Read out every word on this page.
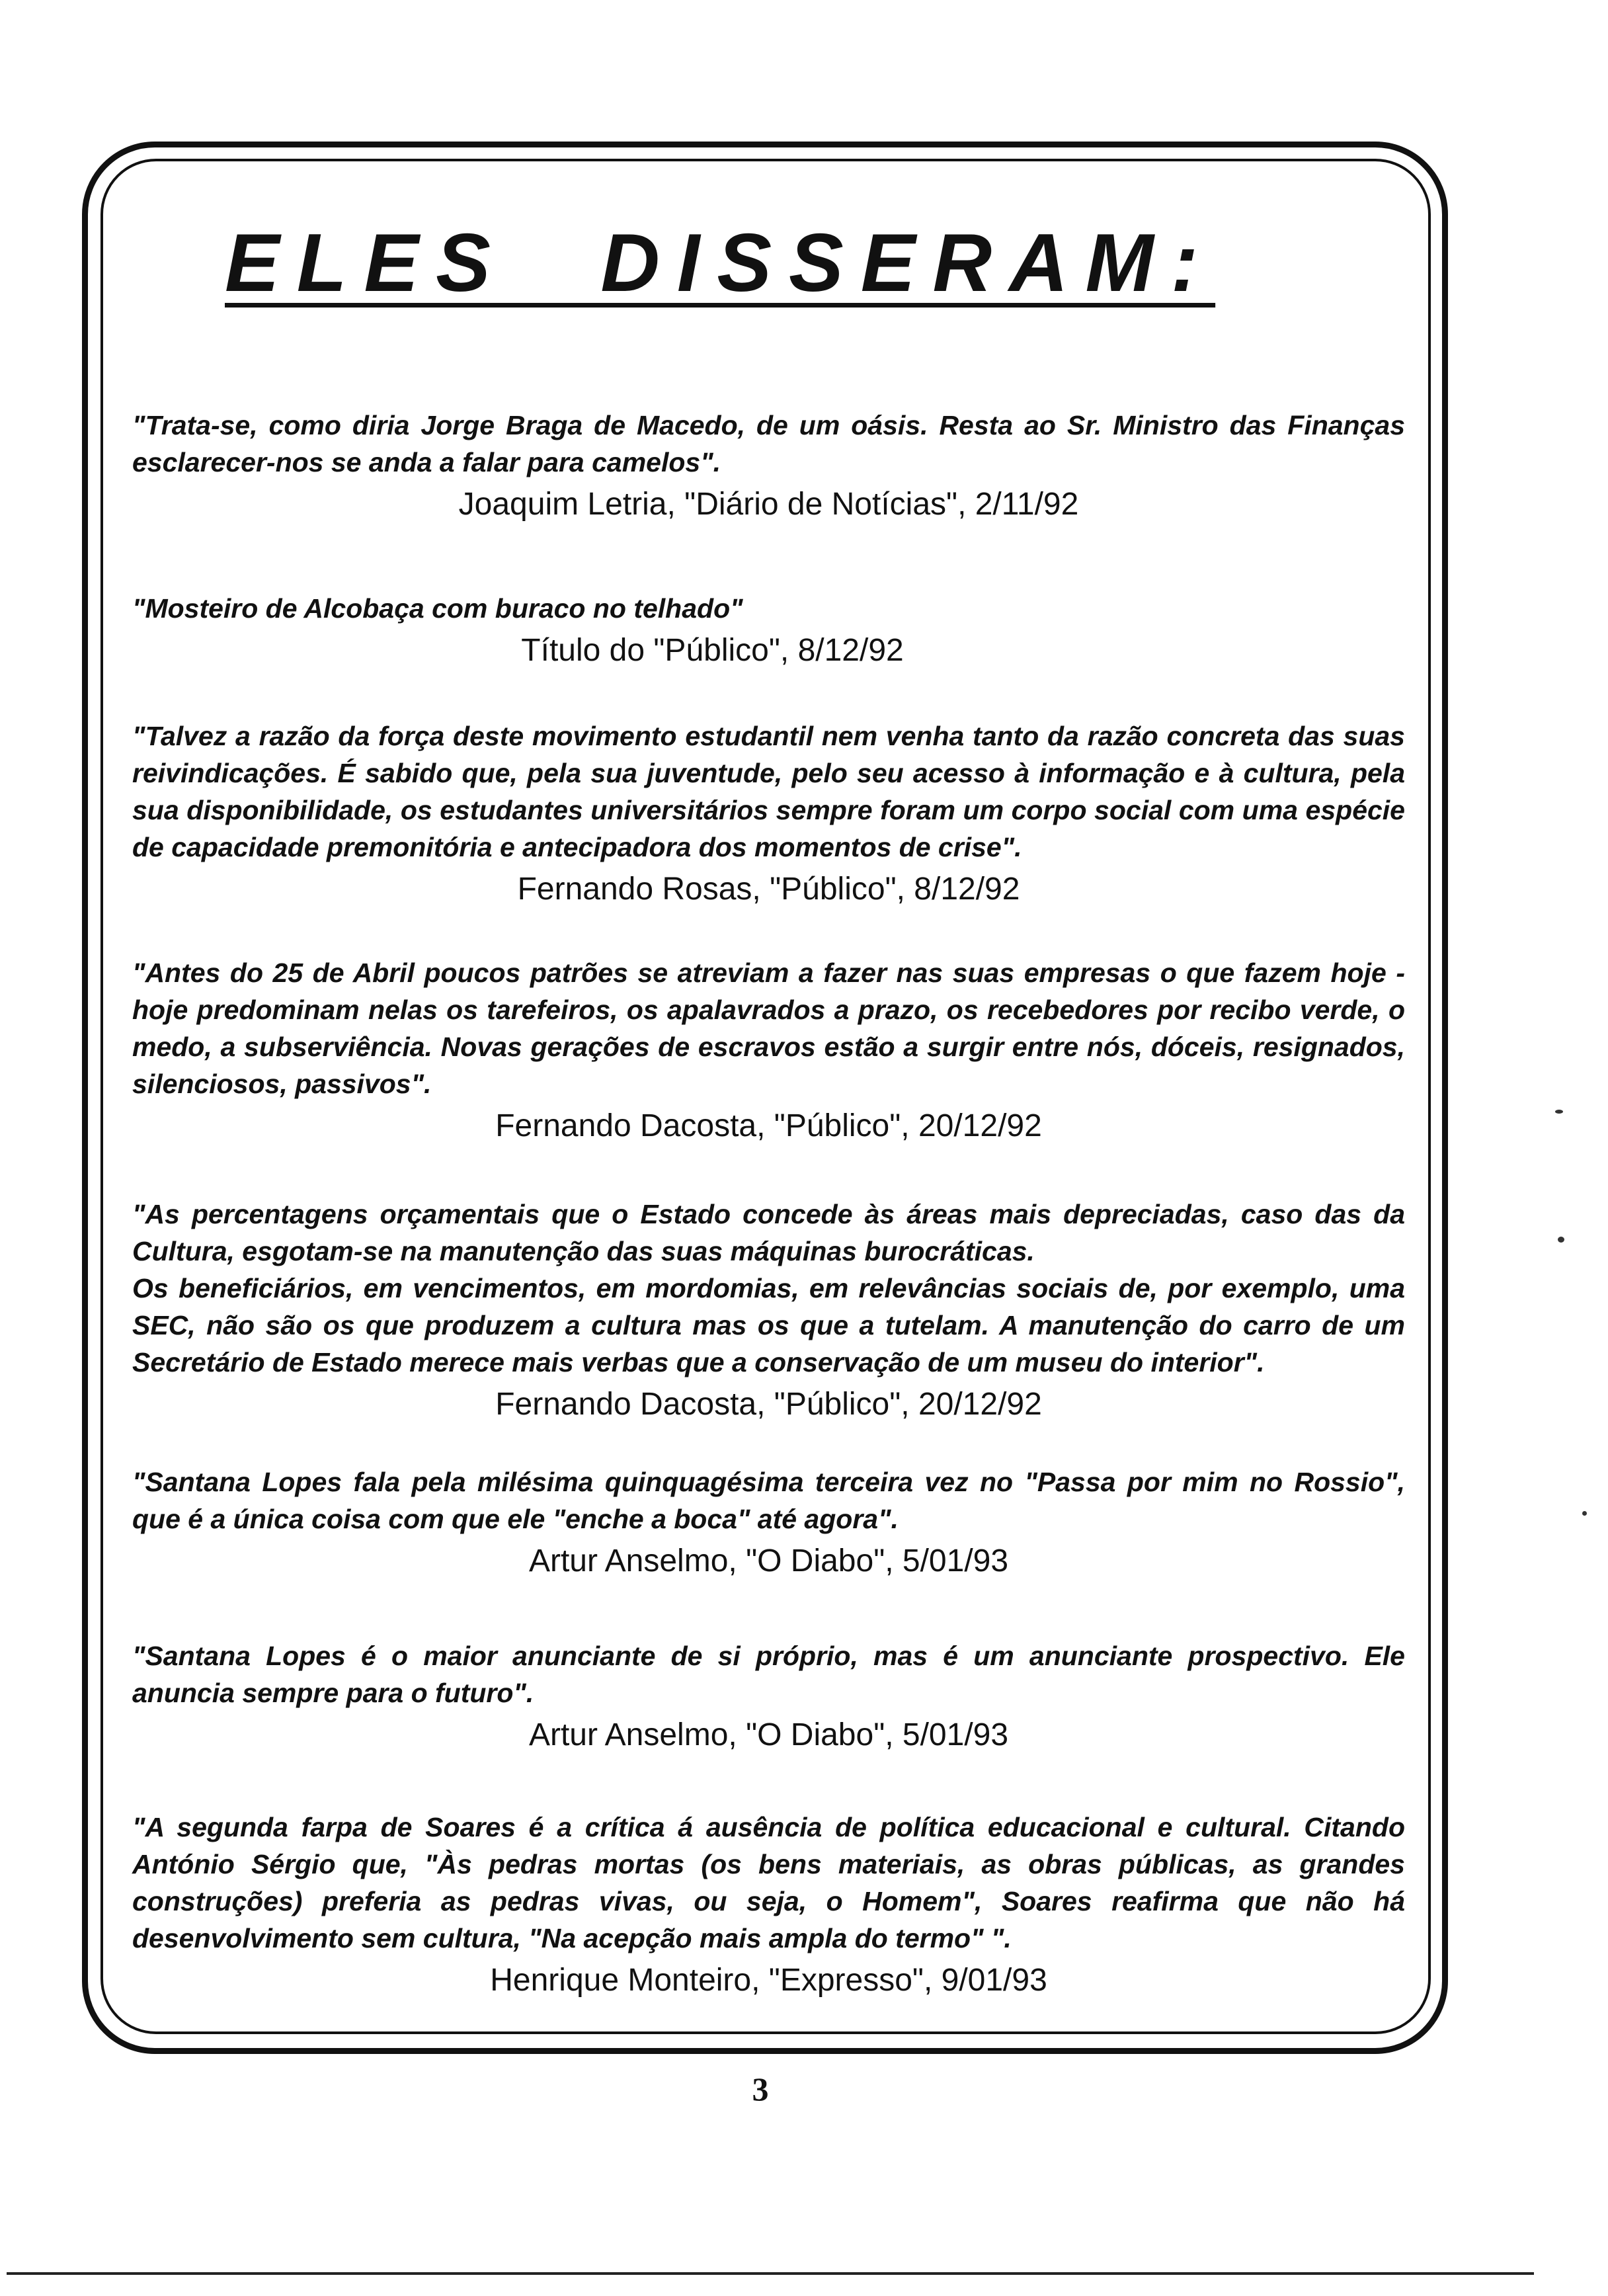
ELES DISSERAM:

"Trata-se, como diria Jorge Braga de Macedo, de um oásis. Resta ao Sr. Ministro das Finanças esclarecer-nos se anda a falar para camelos".

Joaquim Letria, "Diário de Notícias", 2/11/92

"Mosteiro de Alcobaça com buraco no telhado"

Título do "Público", 8/12/92

"Talvez a razão da força deste movimento estudantil nem venha tanto da razão concreta das suas reivindicações. É sabido que, pela sua juventude, pelo seu acesso à informação e à cultura, pela sua disponibilidade, os estudantes universitários sempre foram um corpo social com uma espécie de capacidade premonitória e antecipadora dos momentos de crise".

Fernando Rosas, "Público", 8/12/92

"Antes do 25 de Abril poucos patrões se atreviam a fazer nas suas empresas o que fazem hoje - hoje predominam nelas os tarefeiros, os apalavrados a prazo, os recebedores por recibo verde, o medo, a subserviência. Novas gerações de escravos estão a surgir entre nós, dóceis, resignados, silenciosos, passivos".

Fernando Dacosta, "Público", 20/12/92

"As percentagens orçamentais que o Estado concede às áreas mais depreciadas, caso das da Cultura, esgotam-se na manutenção das suas máquinas burocráticas.

Os beneficiários, em vencimentos, em mordomias, em relevâncias sociais de, por exemplo, uma SEC, não são os que produzem a cultura mas os que a tutelam. A manutenção do carro de um Secretário de Estado merece mais verbas que a conservação de um museu do interior".

Fernando Dacosta, "Público", 20/12/92

"Santana Lopes fala pela milésima quinquagésima terceira vez no "Passa por mim no Rossio", que é a única coisa com que ele "enche a boca" até agora".

Artur Anselmo, "O Diabo", 5/01/93

"Santana Lopes é o maior anunciante de si próprio, mas é um anunciante prospectivo. Ele anuncia sempre para o futuro".

Artur Anselmo, "O Diabo", 5/01/93

"A segunda farpa de Soares é a crítica á ausência de política educacional e cultural. Citando António Sérgio que, "Às pedras mortas (os bens materiais, as obras públicas, as grandes construções) preferia as pedras vivas, ou seja, o Homem", Soares reafirma que não há desenvolvimento sem cultura, "Na acepção mais ampla do termo" ".

Henrique Monteiro, "Expresso", 9/01/93

3
